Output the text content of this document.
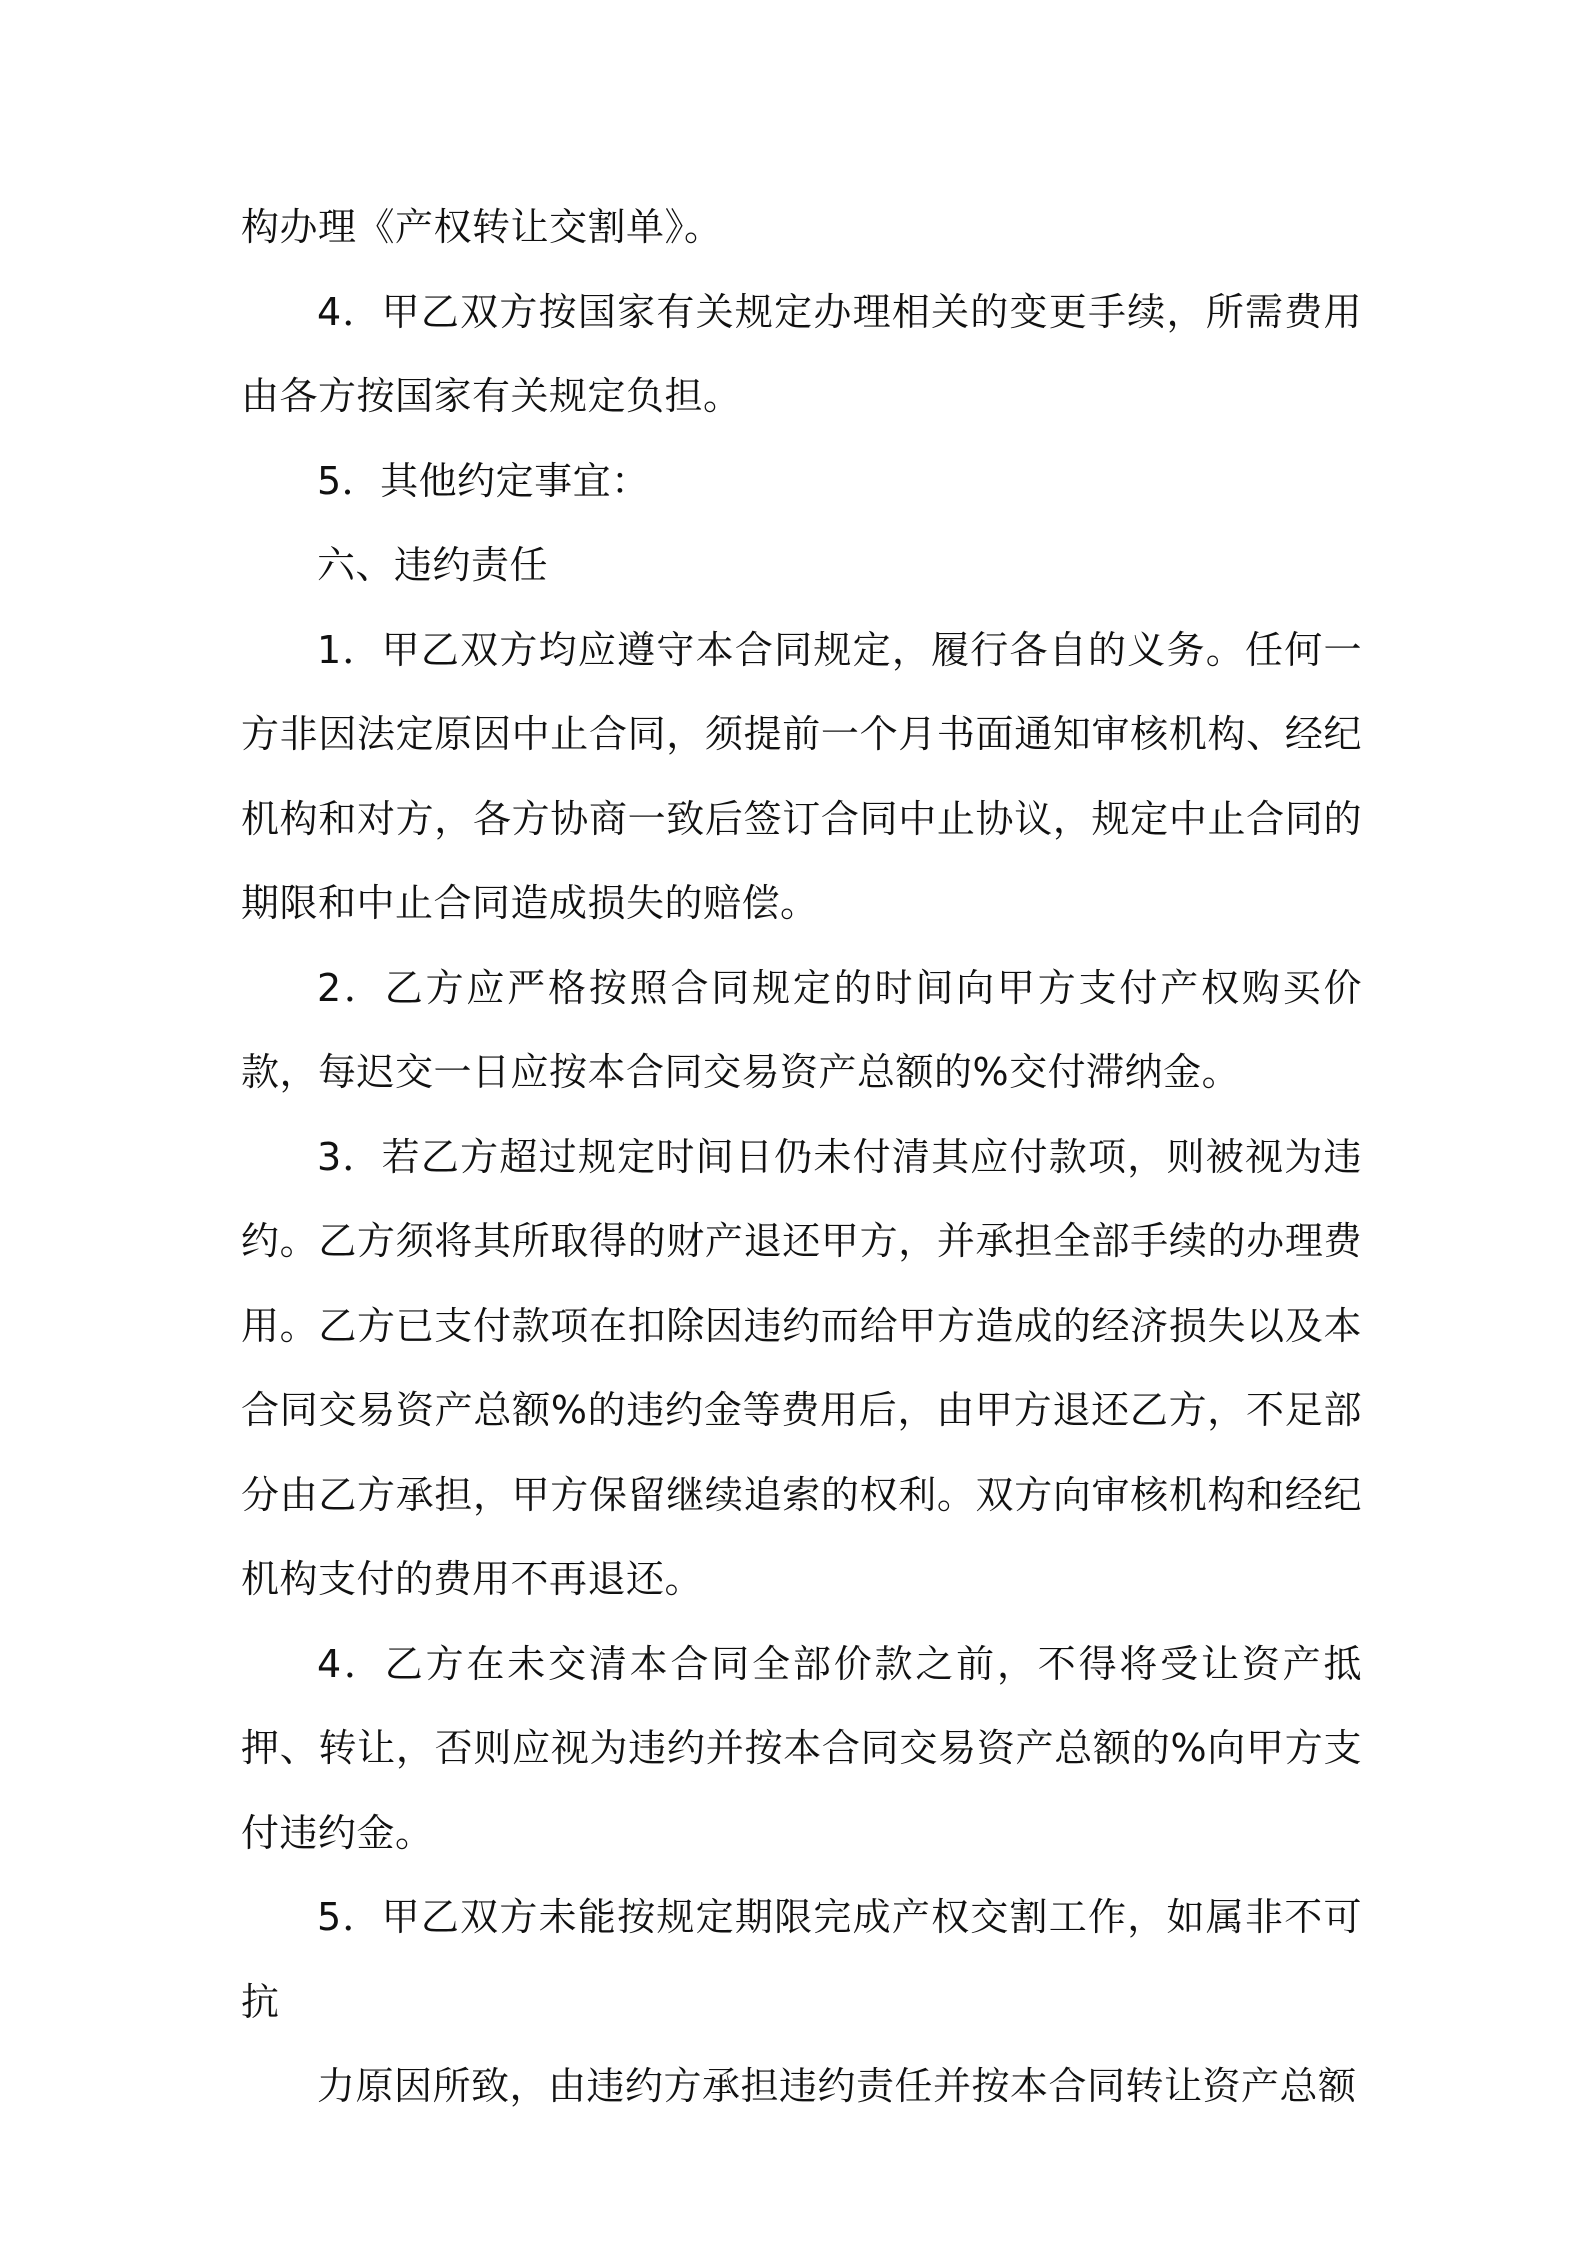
构办理《产权转让交割单》。

4．甲乙双方按国家有关规定办理相关的变更手续，所需费用由各方按国家有关规定负担。

5．其他约定事宜：

六、违约责任

1．甲乙双方均应遵守本合同规定，履行各自的义务。任何一方非因法定原因中止合同，须提前一个月书面通知审核机构、经纪机构和对方，各方协商一致后签订合同中止协议，规定中止合同的期限和中止合同造成损失的赔偿。

2．乙方应严格按照合同规定的时间向甲方支付产权购买价款，每迟交一日应按本合同交易资产总额的%交付滞纳金。

3．若乙方超过规定时间日仍未付清其应付款项，则被视为违约。乙方须将其所取得的财产退还甲方，并承担全部手续的办理费用。乙方已支付款项在扣除因违约而给甲方造成的经济损失以及本合同交易资产总额%的违约金等费用后，由甲方退还乙方，不足部分由乙方承担，甲方保留继续追索的权利。双方向审核机构和经纪机构支付的费用不再退还。

4．乙方在未交清本合同全部价款之前，不得将受让资产抵押、转让，否则应视为违约并按本合同交易资产总额的%向甲方支付违约金。

5．甲乙双方未能按规定期限完成产权交割工作，如属非不可抗

力原因所致，由违约方承担违约责任并按本合同转让资产总额
